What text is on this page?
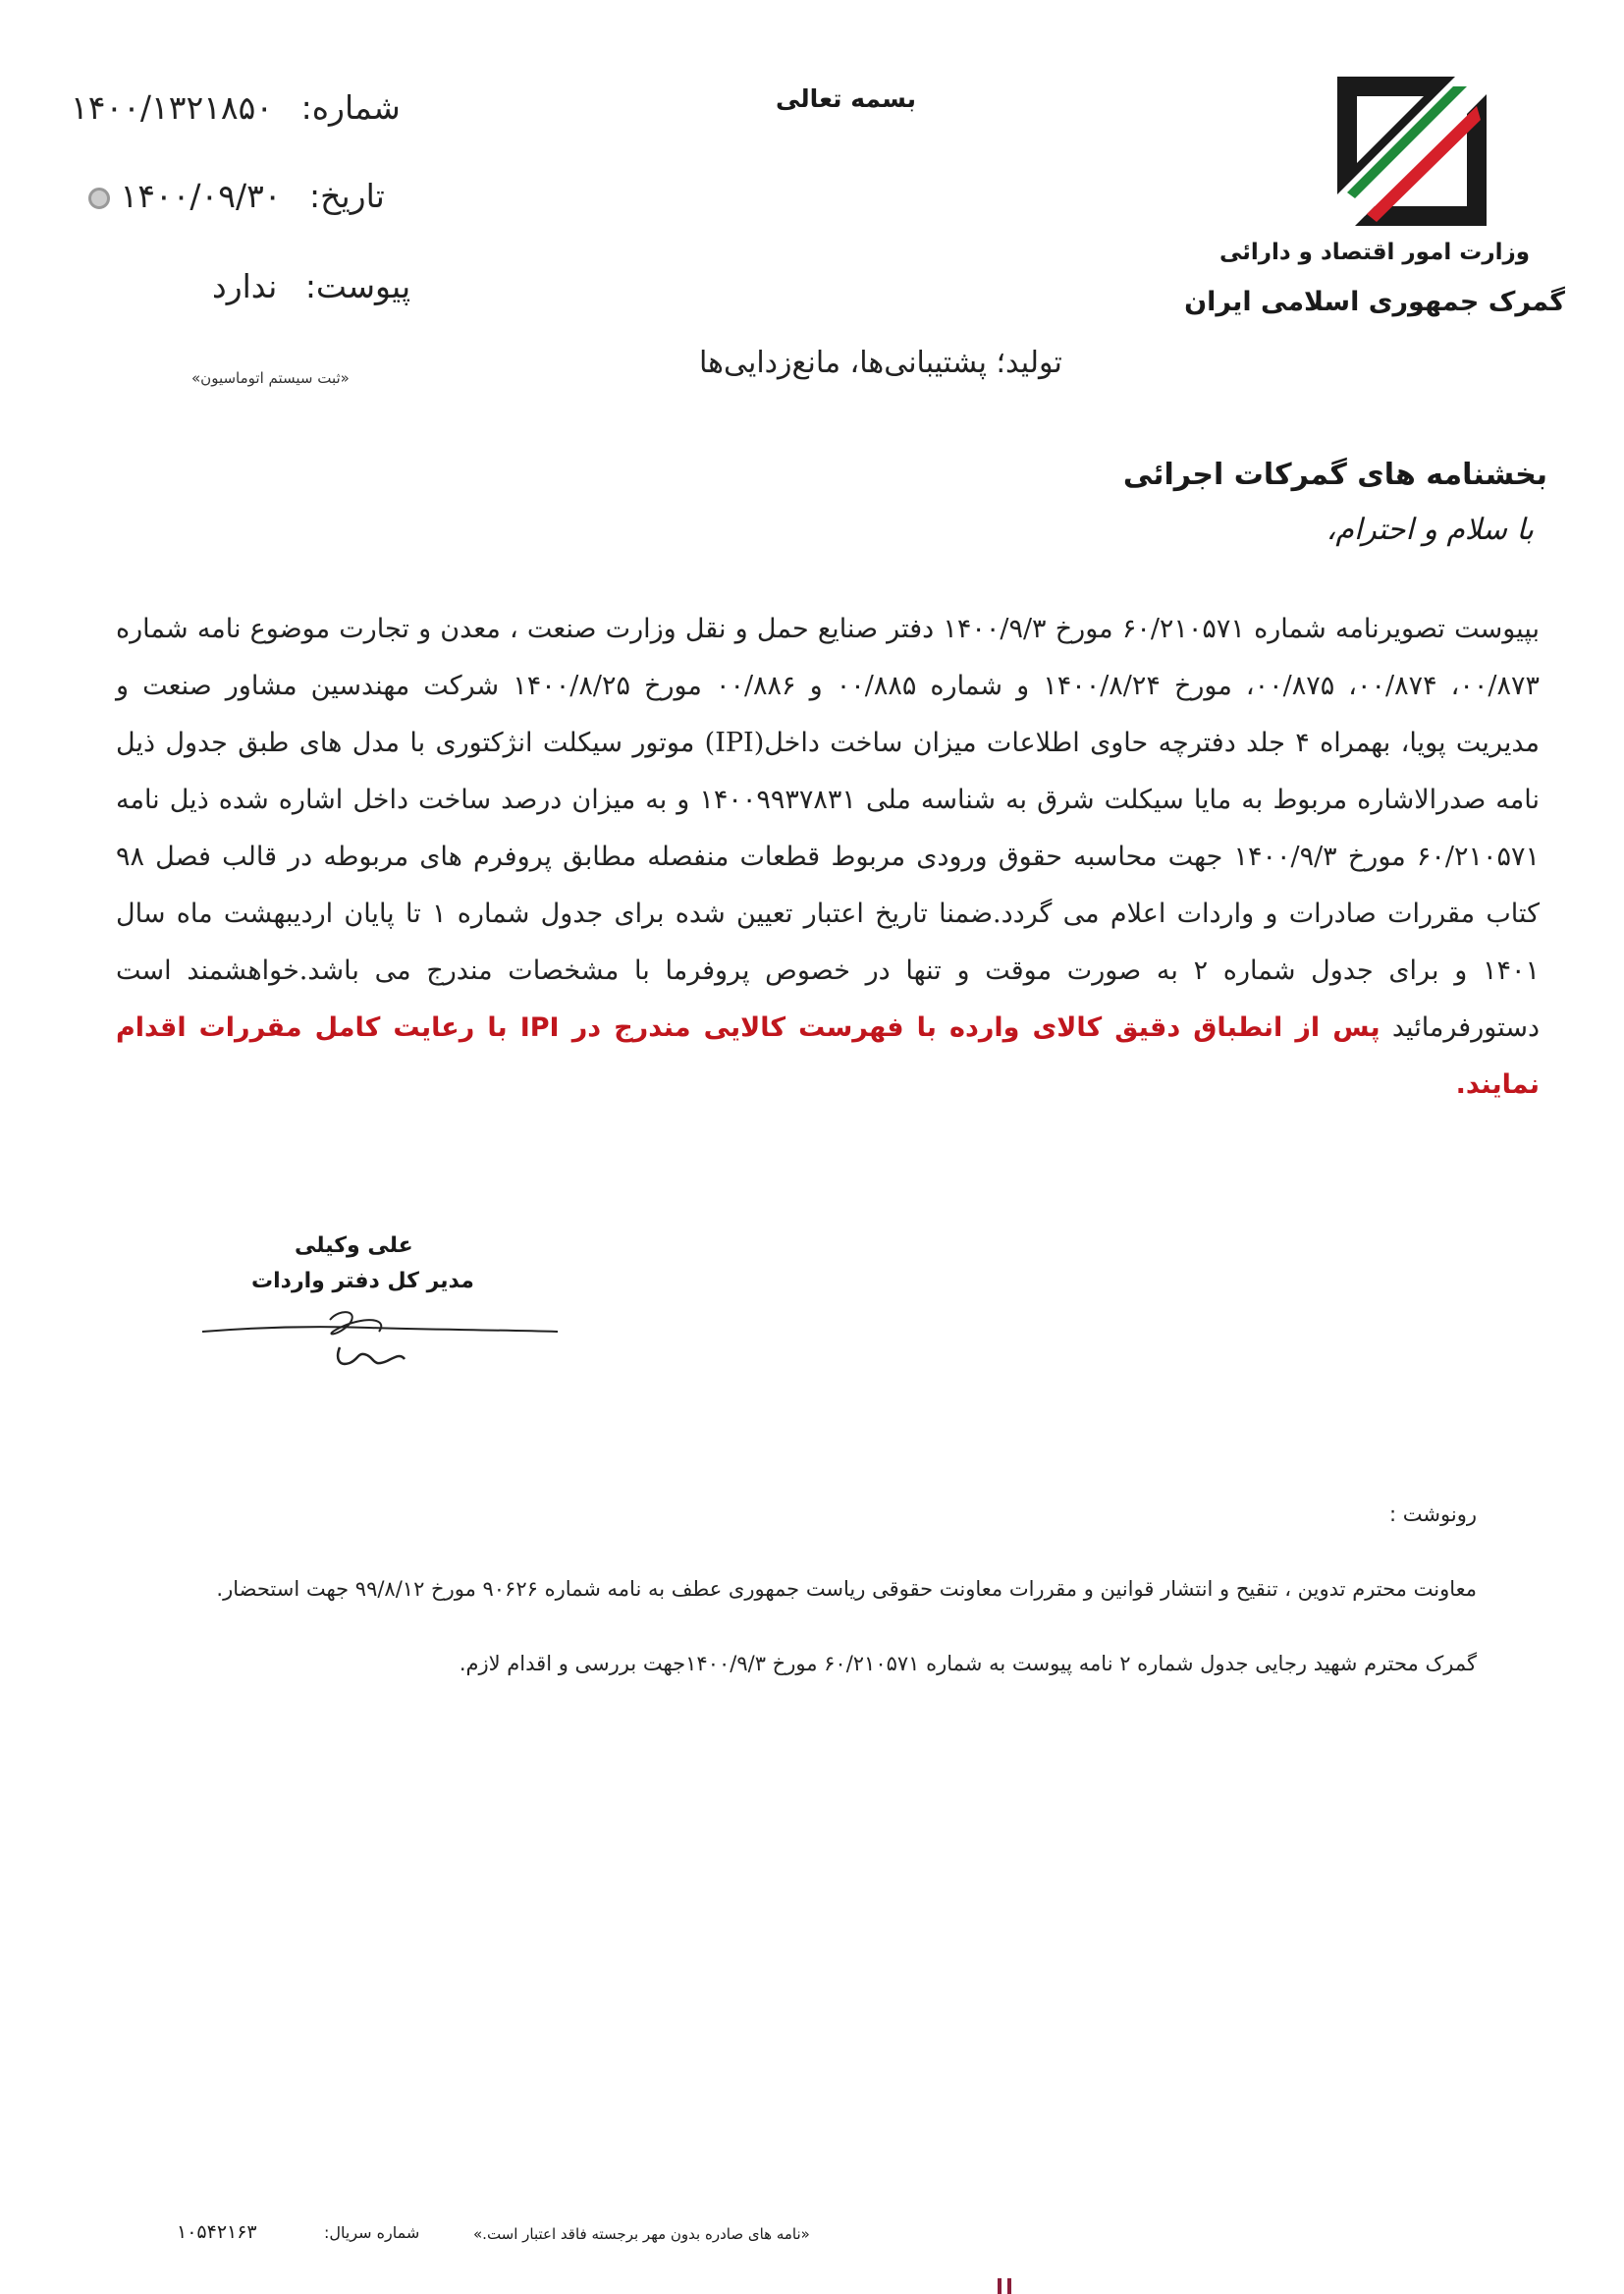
شماره: ۱۴۰۰/۱۳۲۱۸۵۰
تاریخ: ۱۴۰۰/۰۹/۳۰
پیوست: ندارد
«ثبت سیستم اتوماسیون»
بسمه تعالی
تولید؛ پشتیبانی‌ها، مانع‌زدایی‌ها
وزارت امور اقتصاد و دارائی
گمرک جمهوری اسلامی ایران
بخشنامه های گمرکات اجرائی
با سلام و احترام،
بپیوست تصویرنامه شماره ۶۰/۲۱۰۵۷۱ مورخ ۱۴۰۰/۹/۳ دفتر صنایع حمل و نقل وزارت صنعت ، معدن و تجارت موضوع نامه شماره ۰۰/۸۷۳، ۰۰/۸۷۴، ۰۰/۸۷۵، مورخ ۱۴۰۰/۸/۲۴ و شماره ۰۰/۸۸۵ و ۰۰/۸۸۶ مورخ ۱۴۰۰/۸/۲۵ شرکت مهندسین مشاور صنعت و مدیریت پویا، بهمراه ۴ جلد دفترچه حاوی اطلاعات میزان ساخت داخل(IPI) موتور سیکلت انژکتوری با مدل های طبق جدول ذیل نامه صدرالاشاره مربوط به مایا سیکلت شرق به شناسه ملی ۱۴۰۰۹۹۳۷۸۳۱ و به میزان درصد ساخت داخل اشاره شده ذیل نامه ۶۰/۲۱۰۵۷۱ مورخ ۱۴۰۰/۹/۳ جهت محاسبه حقوق ورودی مربوط قطعات منفصله مطابق پروفرم های مربوطه در قالب فصل ۹۸ کتاب مقررات صادرات و واردات اعلام می گردد.ضمنا تاریخ اعتبار تعیین شده برای جدول شماره ۱ تا پایان اردیبهشت ماه سال ۱۴۰۱ و برای جدول شماره ۲ به صورت موقت و تنها در خصوص پروفرما با مشخصات مندرج می باشد.خواهشمند است دستورفرمائید پس از انطباق دقیق کالای وارده با فهرست کالایی مندرج در IPI با رعایت کامل مقررات اقدام نمایند.
علی وکیلی
مدیر کل دفتر واردات
رونوشت :
معاونت محترم تدوین ، تنقیح و انتشار قوانین و مقررات معاونت حقوقی ریاست جمهوری عطف به نامه شماره ۹۰۶۲۶ مورخ ۹۹/۸/۱۲ جهت استحضار.
گمرک محترم شهید رجایی جدول شماره ۲ نامه پیوست به شماره ۶۰/۲۱۰۵۷۱ مورخ ۱۴۰۰/۹/۳جهت بررسی و اقدام لازم.
۱۰۵۴۲۱۶۳	شماره سریال:	«نامه های صادره بدون مهر برجسته فاقد اعتبار است.»
